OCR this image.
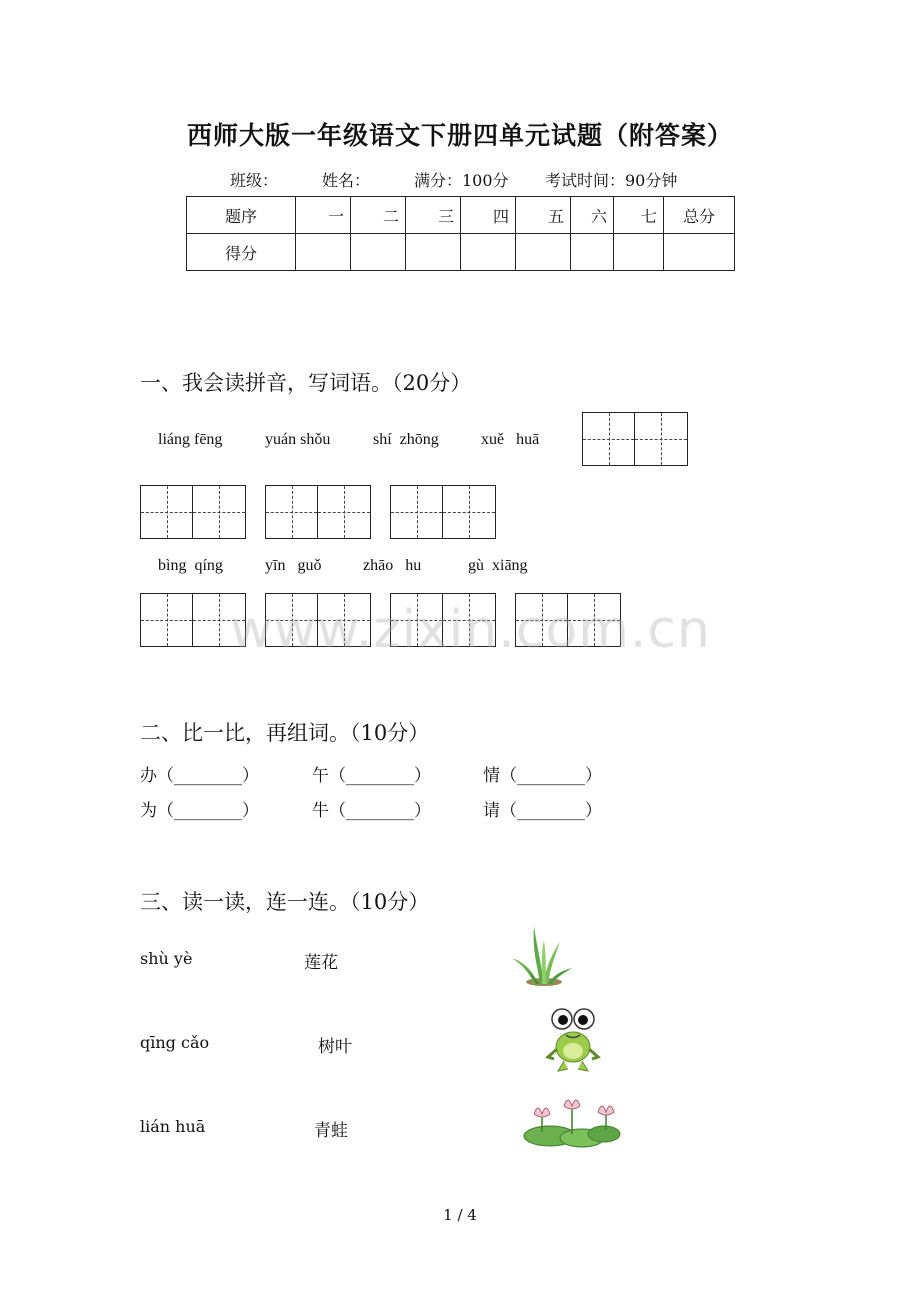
西师大版一年级语文下册四单元试题（附答案）
班级：	姓名：	满分：100分 考试时间：90分钟
题序	一	二	三	四	五	六	七	总分
得分								
一、我会读拼音，写词语。（20分）
liáng fēng	yuán shǒu	shí  zhōng	xuě   huā
bìng  qíng	yīn   guǒ	zhāo   hu	gù  xiāng
www.zixin.com.cn
二、比一比，再组词。（10分）
办（________）	午（________）	情（________）
为（________）	牛（________）	请（________）
三、读一读，连一连。（10分）
shù yè
qīng cǎo
lián huā
莲花
树叶
青蛙
1 / 4
